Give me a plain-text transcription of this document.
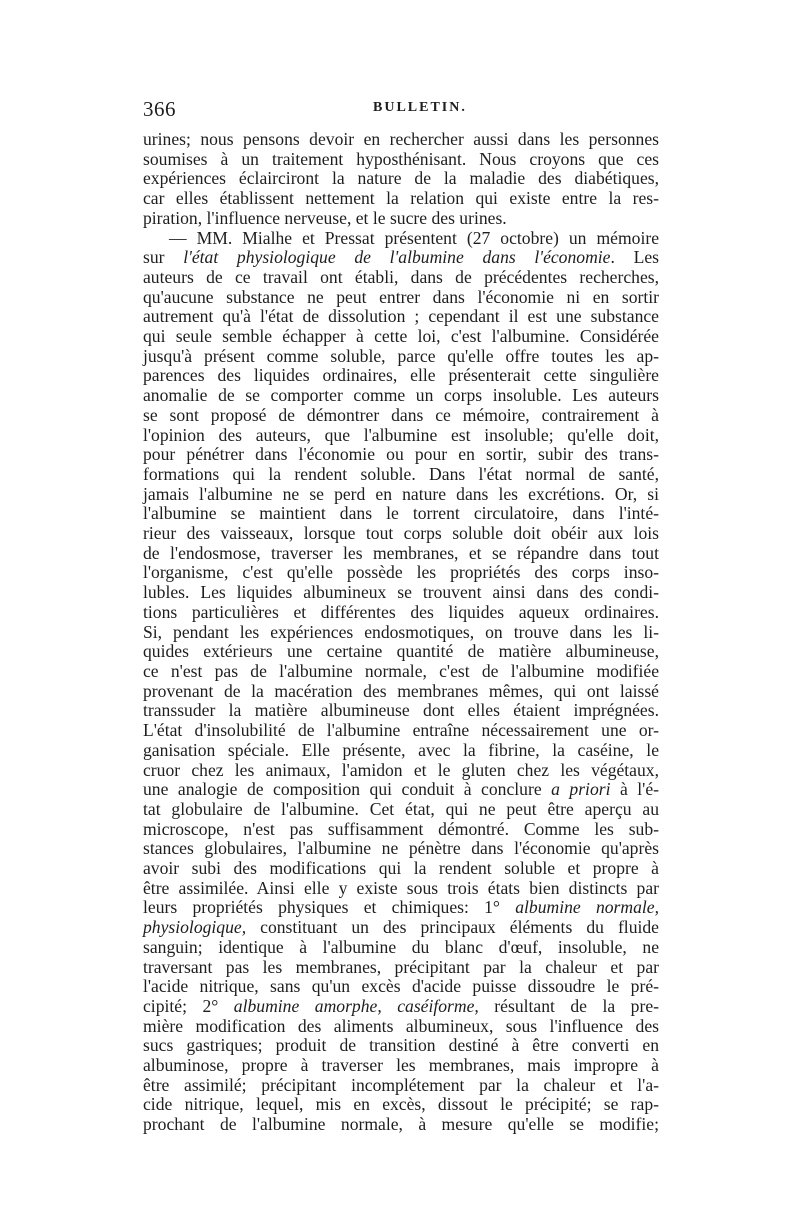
366	BULLETIN.
urines; nous pensons devoir en rechercher aussi dans les personnes
soumises à un traitement hyposthénisant. Nous croyons que ces
expériences éclairciront la nature de la maladie des diabétiques,
car elles établissent nettement la relation qui existe entre la res-
piration, l'influence nerveuse, et le sucre des urines.
— MM. Mialhe et Pressat présentent (27 octobre) un mémoire
sur l'état physiologique de l'albumine dans l'économie. Les
auteurs de ce travail ont établi, dans de précédentes recherches,
qu'aucune substance ne peut entrer dans l'économie ni en sortir
autrement qu'à l'état de dissolution ; cependant il est une substance
qui seule semble échapper à cette loi, c'est l'albumine. Considérée
jusqu'à présent comme soluble, parce qu'elle offre toutes les ap-
parences des liquides ordinaires, elle présenterait cette singulière
anomalie de se comporter comme un corps insoluble. Les auteurs
se sont proposé de démontrer dans ce mémoire, contrairement à
l'opinion des auteurs, que l'albumine est insoluble; qu'elle doit,
pour pénétrer dans l'économie ou pour en sortir, subir des trans-
formations qui la rendent soluble. Dans l'état normal de santé,
jamais l'albumine ne se perd en nature dans les excrétions. Or, si
l'albumine se maintient dans le torrent circulatoire, dans l'inté-
rieur des vaisseaux, lorsque tout corps soluble doit obéir aux lois
de l'endosmose, traverser les membranes, et se répandre dans tout
l'organisme, c'est qu'elle possède les propriétés des corps inso-
lubles. Les liquides albumineux se trouvent ainsi dans des condi-
tions particulières et différentes des liquides aqueux ordinaires.
Si, pendant les expériences endosmotiques, on trouve dans les li-
quides extérieurs une certaine quantité de matière albumineuse,
ce n'est pas de l'albumine normale, c'est de l'albumine modifiée
provenant de la macération des membranes mêmes, qui ont laissé
transsuder la matière albumineuse dont elles étaient imprégnées.
L'état d'insolubilité de l'albumine entraîne nécessairement une or-
ganisation spéciale. Elle présente, avec la fibrine, la caséine, le
cruor chez les animaux, l'amidon et le gluten chez les végétaux,
une analogie de composition qui conduit à conclure a priori à l'é-
tat globulaire de l'albumine. Cet état, qui ne peut être aperçu au
microscope, n'est pas suffisamment démontré. Comme les sub-
stances globulaires, l'albumine ne pénètre dans l'économie qu'après
avoir subi des modifications qui la rendent soluble et propre à
être assimilée. Ainsi elle y existe sous trois états bien distincts par
leurs propriétés physiques et chimiques: 1° albumine normale,
physiologique, constituant un des principaux éléments du fluide
sanguin; identique à l'albumine du blanc d'œuf, insoluble, ne
traversant pas les membranes, précipitant par la chaleur et par
l'acide nitrique, sans qu'un excès d'acide puisse dissoudre le pré-
cipité; 2° albumine amorphe, caséiforme, résultant de la pre-
mière modification des aliments albumineux, sous l'influence des
sucs gastriques; produit de transition destiné à être converti en
albuminose, propre à traverser les membranes, mais impropre à
être assimilé; précipitant incomplétement par la chaleur et l'a-
cide nitrique, lequel, mis en excès, dissout le précipité; se rap-
prochant de l'albumine normale, à mesure qu'elle se modifie;
